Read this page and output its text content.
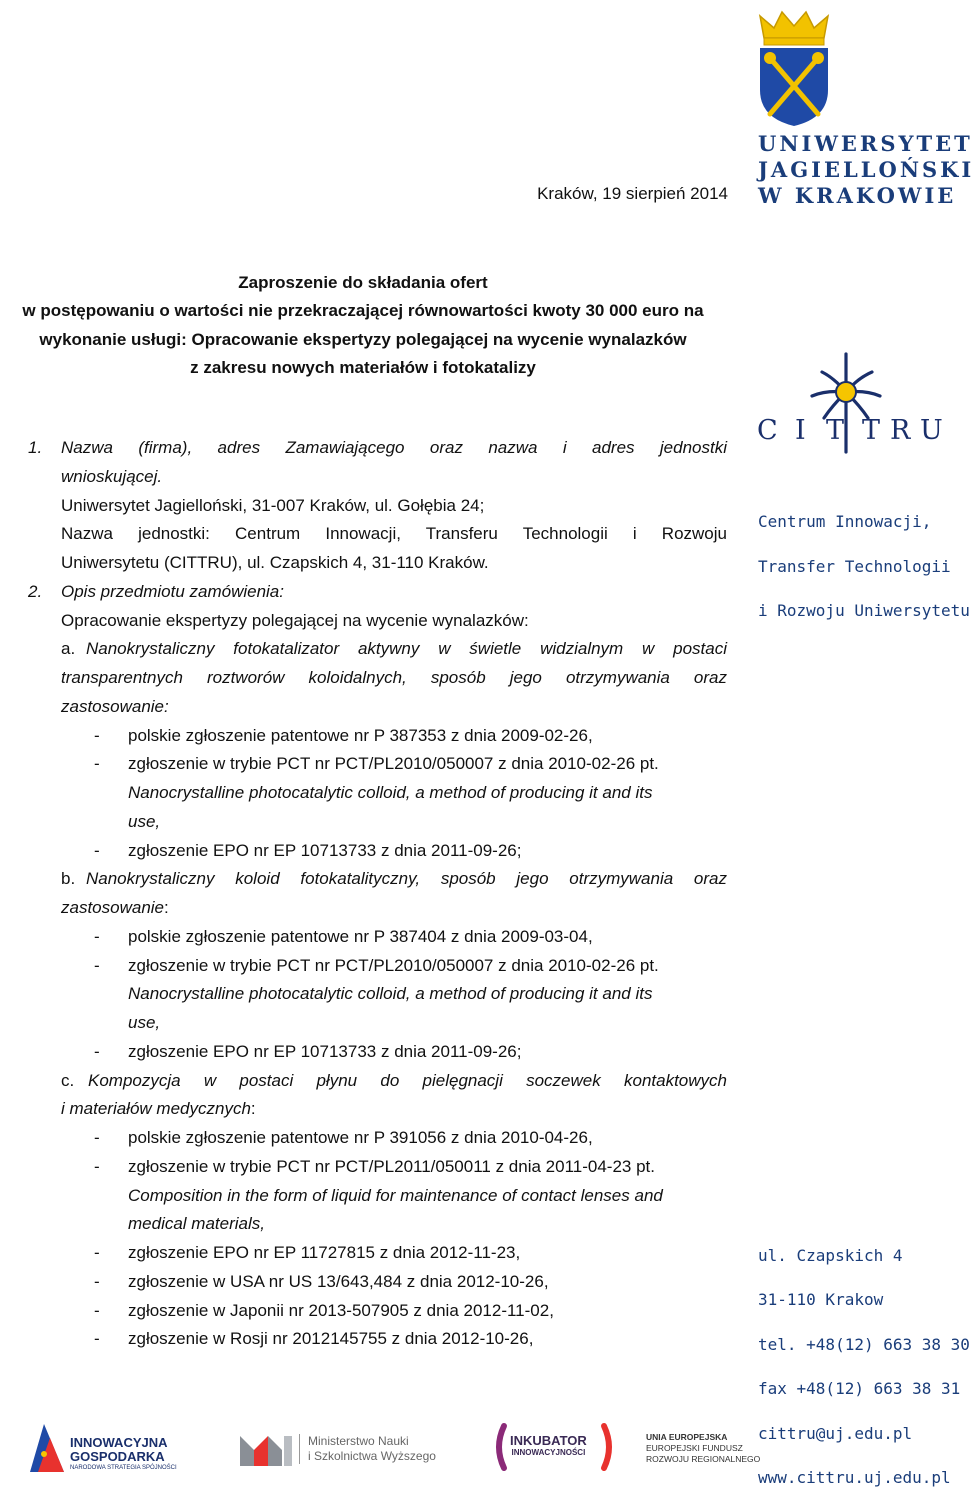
UNIWERSYTET
JAGIELLOŃSKI
W KRAKOWIE
Kraków, 19 sierpień 2014
Zaproszenie do składania ofert
w postępowaniu o wartości nie przekraczającej równowartości kwoty 30 000 euro na
wykonanie usługi: Opracowanie ekspertyzy polegającej na wycenie wynalazków
z zakresu nowych materiałów i fotokatalizy
1. Nazwa (firma), adres Zamawiającego oraz nazwa i adres jednostki
wnioskującej.
Uniwersytet Jagielloński, 31-007 Kraków, ul. Gołębia 24;
Nazwa jednostki: Centrum Innowacji, Transferu Technologii i Rozwoju
Uniwersytetu (CITTRU), ul. Czapskich 4, 31-110 Kraków.
2. Opis przedmiotu zamówienia:
Opracowanie ekspertyzy polegającej na wycenie wynalazków:
a. Nanokrystaliczny fotokatalizator aktywny w świetle widzialnym w postaci
transparentnych roztworów koloidalnych, sposób jego otrzymywania oraz
zastosowanie:
- polskie zgłoszenie patentowe nr P 387353 z dnia 2009-02-26,
- zgłoszenie w trybie PCT nr PCT/PL2010/050007 z dnia 2010-02-26 pt.
Nanocrystalline photocatalytic colloid, a method of producing it and its
use,
- zgłoszenie EPO nr EP 10713733 z dnia 2011-09-26;
b. Nanokrystaliczny koloid fotokatalityczny, sposób jego otrzymywania oraz
zastosowanie:
- polskie zgłoszenie patentowe nr P 387404 z dnia 2009-03-04,
- zgłoszenie w trybie PCT nr PCT/PL2010/050007 z dnia 2010-02-26 pt.
Nanocrystalline photocatalytic colloid, a method of producing it and its
use,
- zgłoszenie EPO nr EP 10713733 z dnia 2011-09-26;
c. Kompozycja w postaci płynu do pielęgnacji soczewek kontaktowych
i materiałów medycznych:
- polskie zgłoszenie patentowe nr P 391056 z dnia 2010-04-26,
- zgłoszenie w trybie PCT nr PCT/PL2011/050011 z dnia 2011-04-23 pt.
Composition in the form of liquid for maintenance of contact lenses and
medical materials,
- zgłoszenie EPO nr EP 11727815 z dnia 2012-11-23,
- zgłoszenie w USA nr US 13/643,484 z dnia 2012-10-26,
- zgłoszenie w Japonii nr 2013-507905 z dnia 2012-11-02,
- zgłoszenie w Rosji nr 2012145755 z dnia 2012-10-26,
C I T T R U
Centrum Innowacji,
Transfer Technologii
i Rozwoju Uniwersytetu
ul. Czapskich 4
31-110 Krakow
tel. +48(12) 663 38 30
fax +48(12) 663 38 31
cittru@uj.edu.pl
www.cittru.uj.edu.pl
INNOWACYJNA
GOSPODARKA
NARODOWA STRATEGIA SPÓJNOŚCI
Ministerstwo Nauki
i Szkolnictwa Wyższego
INKUBATOR
INNOWACYJNOŚCI
UNIA EUROPEJSKA
EUROPEJSKI FUNDUSZ
ROZWOJU REGIONALNEGO
